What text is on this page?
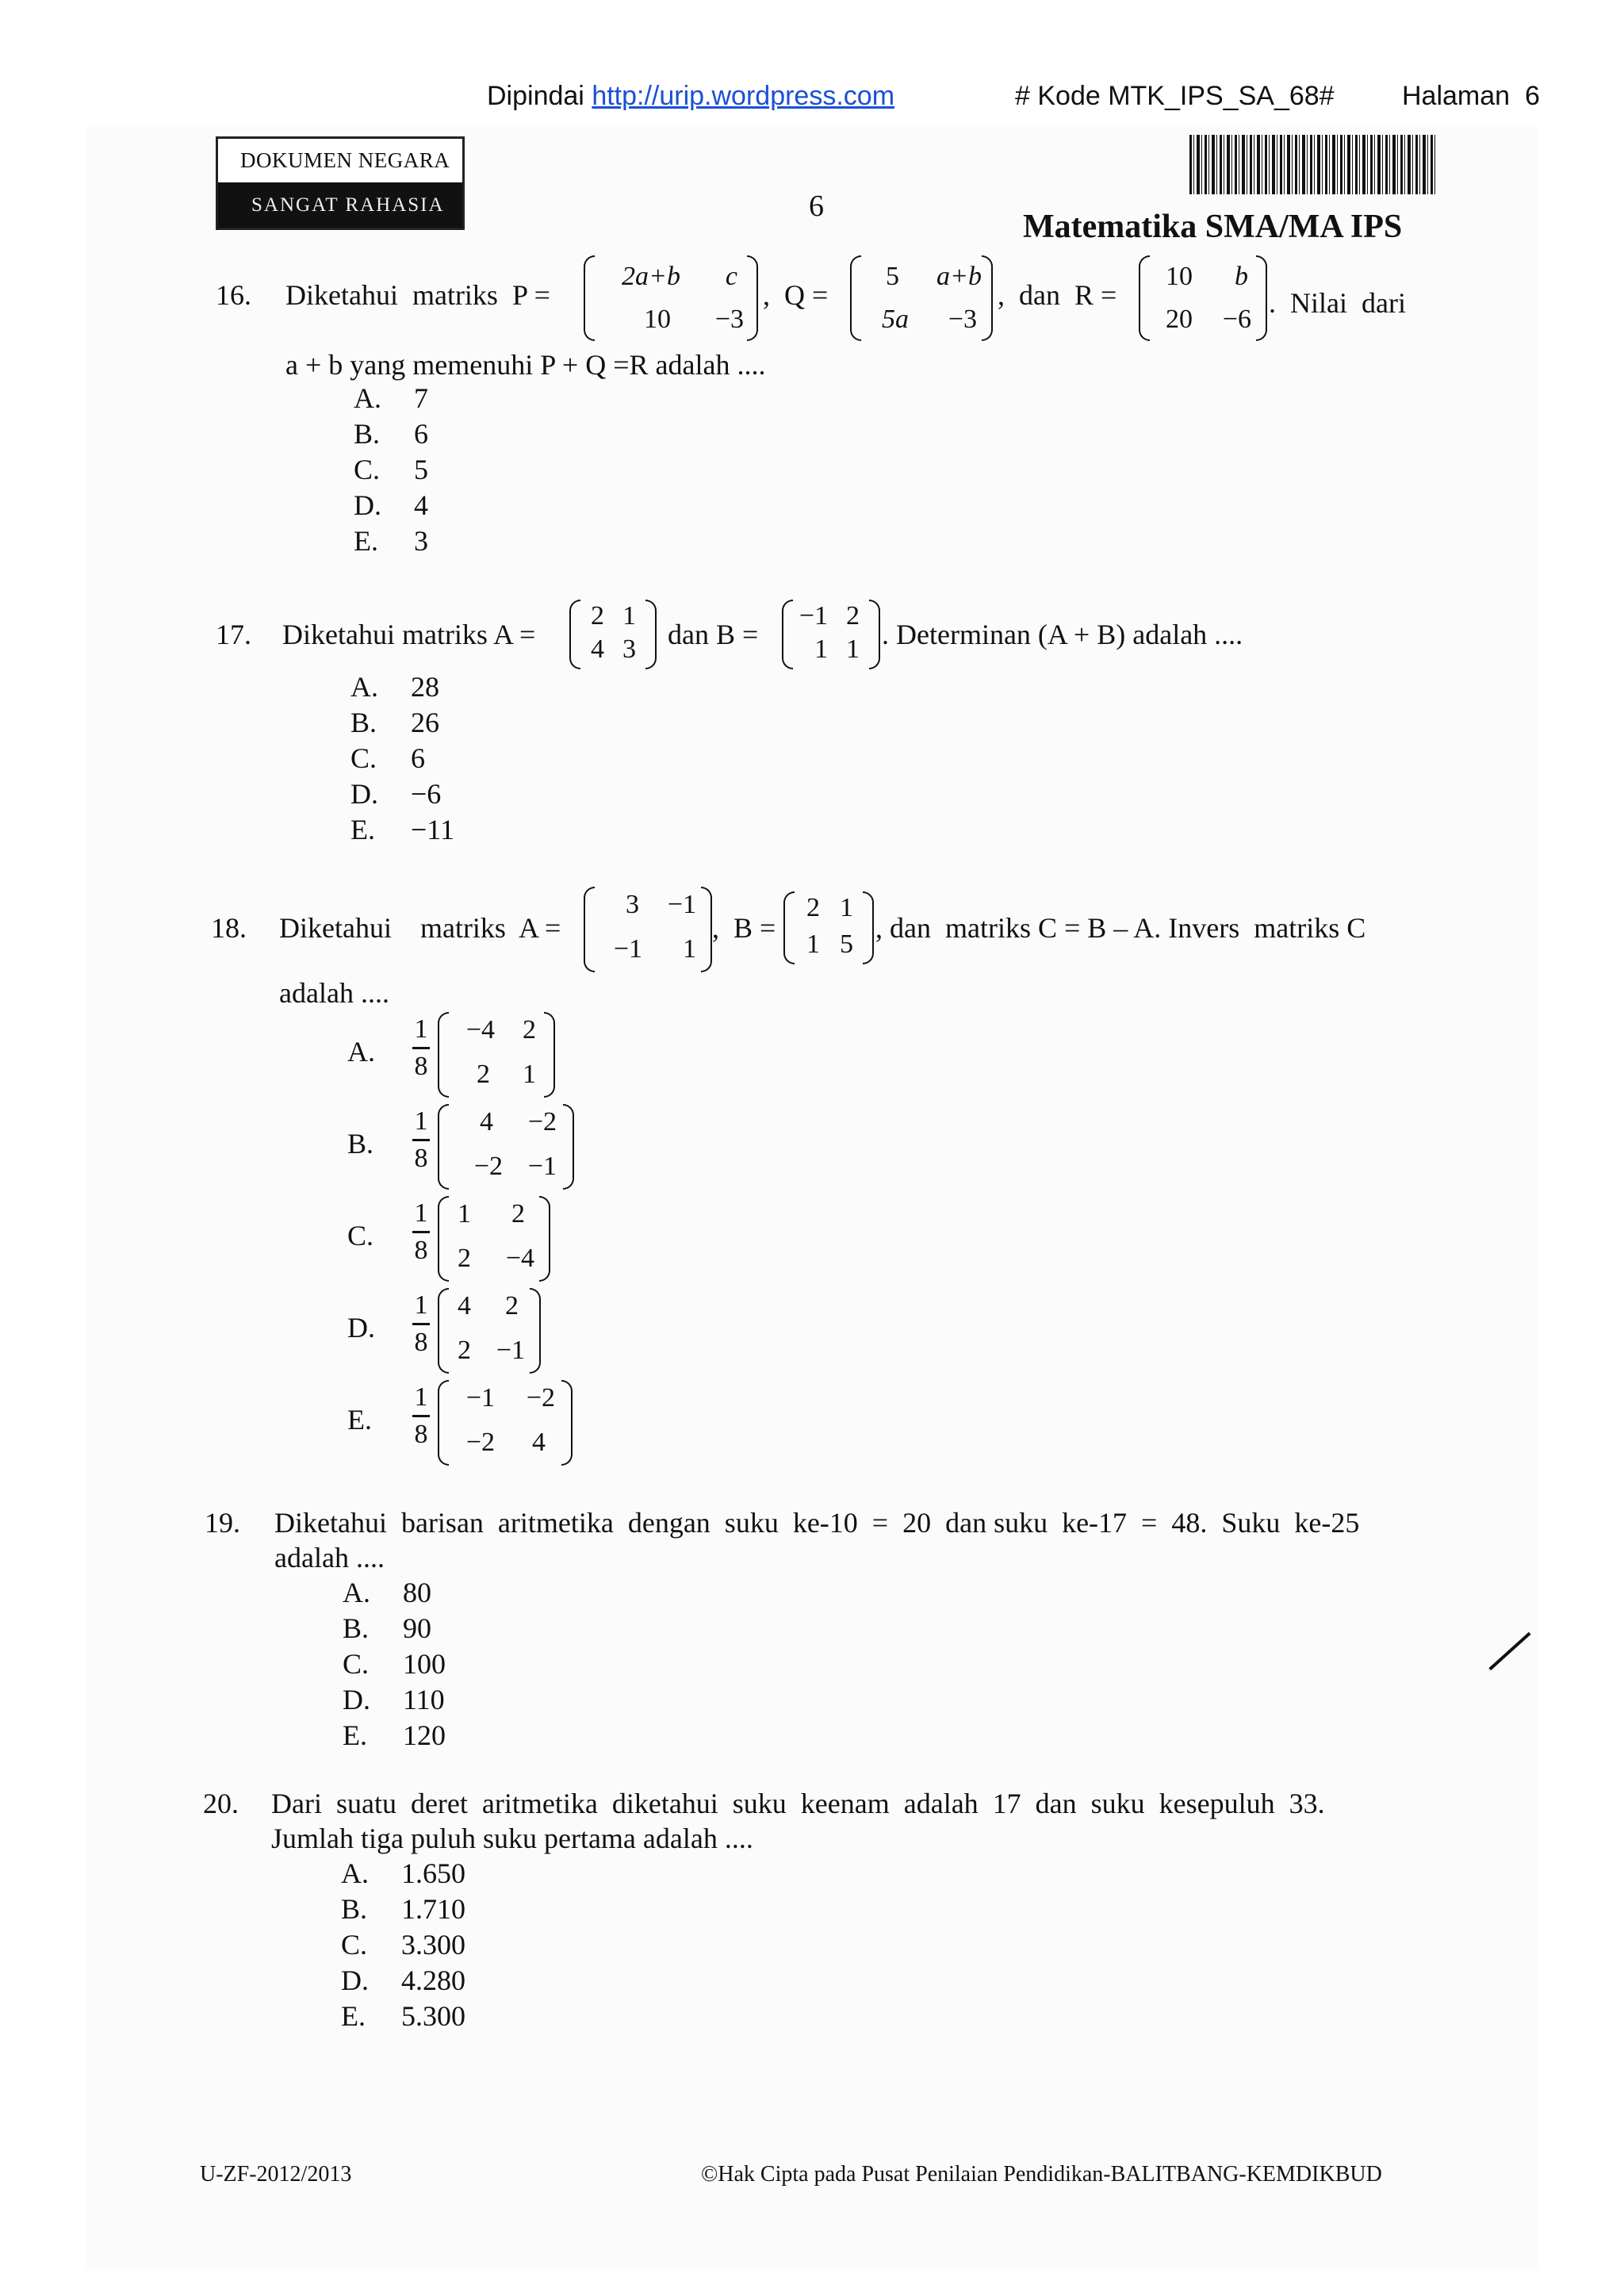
Dipindai http://urip.wordpress.com	# Kode MTK_IPS_SA_68#	Halaman  6
DOKUMEN NEGARA
SANGAT RAHASIA	6
Matematika SMA/MA IPS
16. Diketahui  matriks  P =
2a+b	c
10	−3
,  Q =
5	a+b
5a	−3
,  dan  R =
10	b
20	−6
.  Nilai  dari
a + b yang memenuhi P + Q =R adalah ....
A. 7
B. 6
C. 5
D. 4
E. 3
17. Diketahui matriks A =
2 1
4 3 dan B =
−1 2
1 1 . Determinan (A + B) adalah ....
A. 28
B. 26
C. 6
D. −6
E. −11
18. Diketahui    matriks  A =
3	−1
−1	1
,  B =
2 1
1 5
, dan  matriks C = B – A. Invers  matriks C
adalah ....
A.
1
8
−4	2
2	1
B.
1
8
4	−2
−2 −1
C.
1
8
1	2
2	−4
D.
1
8
4	2
2 −1
E.
1
8
−1	−2
−2	4
19. Diketahui  barisan  aritmetika  dengan  suku  ke-10  =  20  dan suku  ke-17  =  48.  Suku  ke-25
adalah ....
A. 80
B. 90
C. 100
D. 110
E. 120
20. Dari  suatu  deret  aritmetika  diketahui  suku  keenam  adalah  17  dan  suku  kesepuluh  33.
Jumlah tiga puluh suku pertama adalah ....
A. 1.650
B. 1.710
C. 3.300
D. 4.280
E. 5.300
U-ZF-2012/2013	©Hak Cipta pada Pusat Penilaian Pendidikan-BALITBANG-KEMDIKBUD
